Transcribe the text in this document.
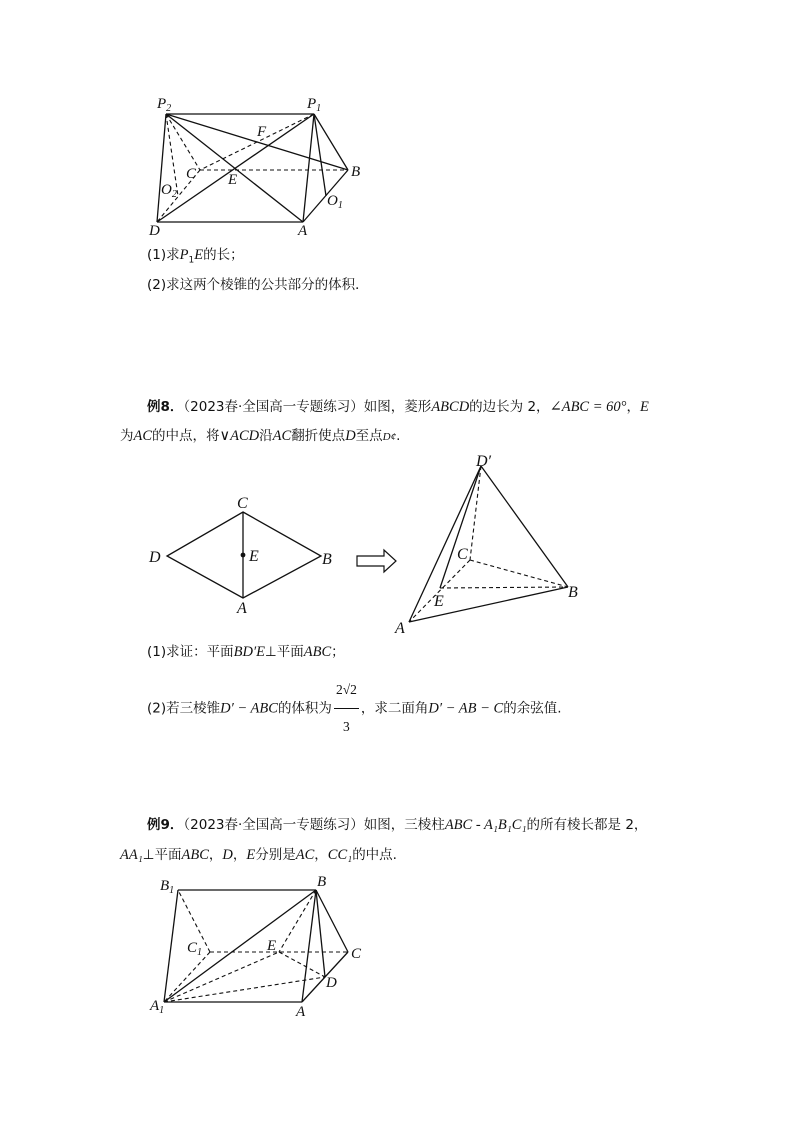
$P_2$	$P_1$
F
C E	B
$O_2$	$O_1$
D	A
(1)求$P_1E$的长；
(2)求这两个棱锥的公共部分的体积．
例8．（2023春·全国高一专题练习）如图，菱形ABCD的边长为 2，∠ABC = 60°，E
为AC的中点，将∨ACD沿AC翻折使点D至点D¢.
C
D	E	B
A
D′
C
E
B
A
(1)求证：平面BD′E⊥平面ABC；
(2)若三棱锥D′ − ABC的体积为 $\frac{2√2}{3}$ ，求二面角D′ − AB − C的余弦值.
例9．（2023春·全国高一专题练习）如图，三棱柱ABC - A₁B₁C₁的所有棱长都是 2，
AA₁⊥平面ABC，D，E分别是AC，CC₁的中点.
$B_1$
B
$C_1$	E	C
D
$A_1$	A
